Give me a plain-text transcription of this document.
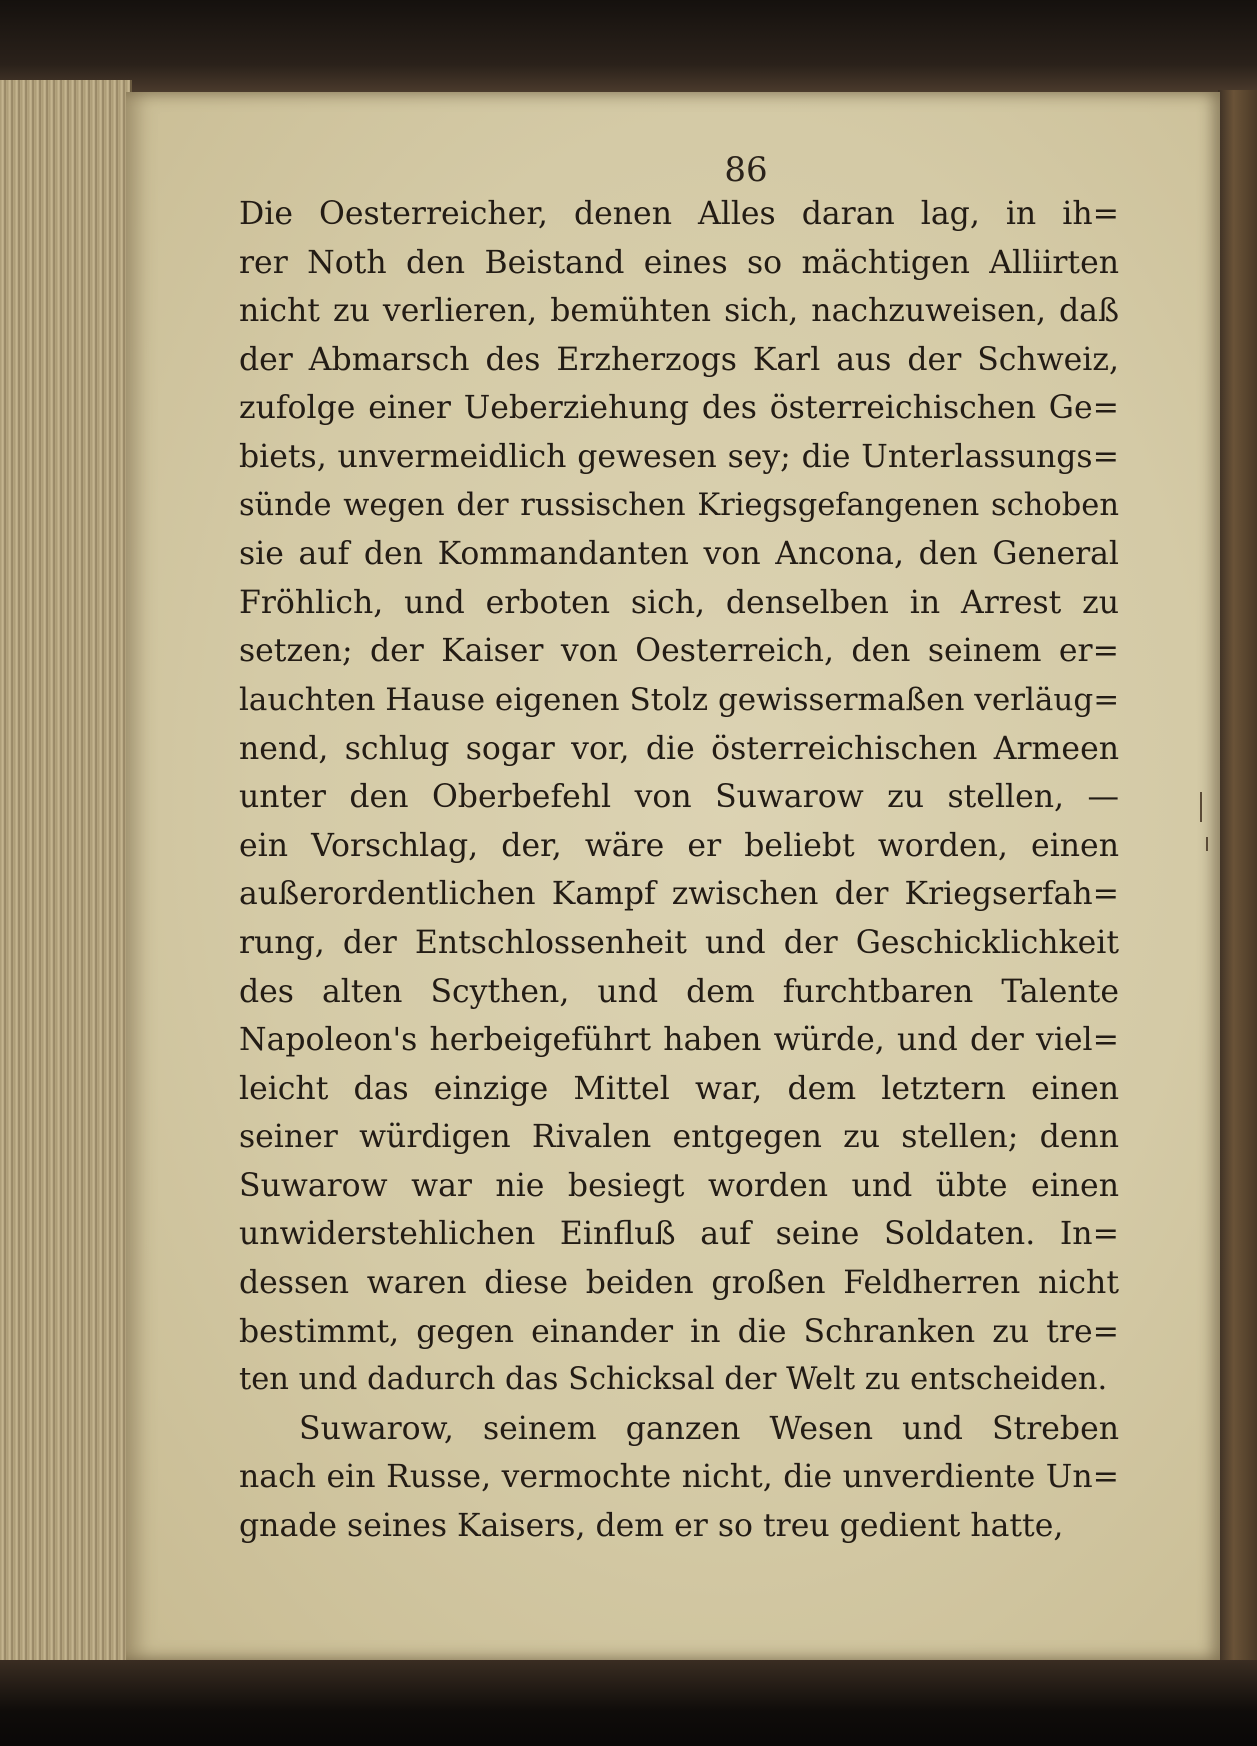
86
Die Oesterreicher, denen Alles daran lag, in ih=
rer Noth den Beistand eines so mächtigen Alliirten
nicht zu verlieren, bemühten sich, nachzuweisen, daß
der Abmarsch des Erzherzogs Karl aus der Schweiz,
zufolge einer Ueberziehung des österreichischen Ge=
biets, unvermeidlich gewesen sey; die Unterlassungs=
sünde wegen der russischen Kriegsgefangenen schoben
sie auf den Kommandanten von Ancona, den General
Fröhlich, und erboten sich, denselben in Arrest zu
setzen; der Kaiser von Oesterreich, den seinem er=
lauchten Hause eigenen Stolz gewissermaßen verläug=
nend, schlug sogar vor, die österreichischen Armeen
unter den Oberbefehl von Suwarow zu stellen, —
ein Vorschlag, der, wäre er beliebt worden, einen
außerordentlichen Kampf zwischen der Kriegserfah=
rung, der Entschlossenheit und der Geschicklichkeit
des alten Scythen, und dem furchtbaren Talente
Napoleon's herbeigeführt haben würde, und der viel=
leicht das einzige Mittel war, dem letztern einen
seiner würdigen Rivalen entgegen zu stellen; denn
Suwarow war nie besiegt worden und übte einen
unwiderstehlichen Einfluß auf seine Soldaten. In=
dessen waren diese beiden großen Feldherren nicht
bestimmt, gegen einander in die Schranken zu tre=
ten und dadurch das Schicksal der Welt zu entscheiden.
Suwarow, seinem ganzen Wesen und Streben
nach ein Russe, vermochte nicht, die unverdiente Un=
gnade seines Kaisers, dem er so treu gedient hatte,
